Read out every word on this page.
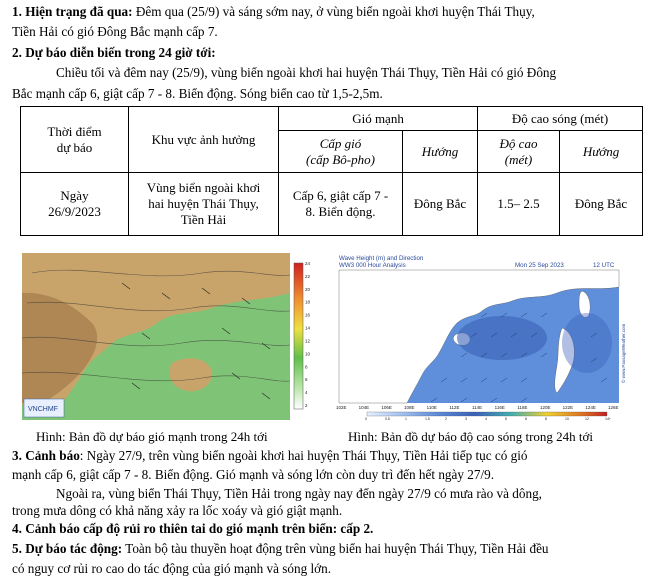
1. Hiện trạng đã qua: Đêm qua (25/9) và sáng sớm nay, ở vùng biển ngoài khơi huyện Thái Thụy,
Tiền Hải có gió Đông Bắc mạnh cấp 7.
2. Dự báo diễn biến trong 24 giờ tới:
Chiều tối và đêm nay (25/9), vùng biển ngoài khơi hai huyện Thái Thụy, Tiền Hải có gió Đông
Bắc mạnh cấp 6, giật cấp 7 - 8. Biển động. Sóng biển cao từ 1,5-2,5m.
Thời điểm
dự báo	Khu vực ảnh hưởng	Gió mạnh		Độ cao sóng (mét)	
		Cấp gió
(cấp Bô-pho)	Hướng	Độ cao
(mét)	Hướng
Ngày
26/9/2023	Vùng biển ngoài khơi
hai huyện Thái Thụy,
Tiền Hải	Cấp 6, giật cấp 7 -
8. Biển động.	Đông Bắc	1.5– 2.5	Đông Bắc
VNCHMF
2
4
6
8
10
12
14
16
18
20
22
24
Wave Height (m) and Direction
WW3 000 Hour Analysis	Mon 25 Sep 2023	12 UTC
© www.PassageWeather.com
102E	104E	106E	108E	110E	112E	114E	116E	118E	120E	122E	124E	126E
0	0.5	1	1.5	2	3	4	5	6	8	10	12	14+
Hình: Bản đồ dự báo gió mạnh trong 24h tới	Hình: Bản đồ dự báo độ cao sóng trong 24h tới
3. Cảnh báo: Ngày 27/9, trên vùng biển ngoài khơi hai huyện Thái Thụy, Tiền Hải tiếp tục có gió
mạnh cấp 6, giật cấp 7 - 8. Biển động. Gió mạnh và sóng lớn còn duy trì đến hết ngày 27/9.
Ngoài ra, vùng biển Thái Thụy, Tiền Hải trong ngày nay đến ngày 27/9 có mưa rào và dông,
trong mưa dông có khả năng xảy ra lốc xoáy và gió giật mạnh.
4. Cảnh báo cấp độ rủi ro thiên tai do gió mạnh trên biển: cấp 2.
5. Dự báo tác động: Toàn bộ tàu thuyền hoạt động trên vùng biển hai huyện Thái Thụy, Tiền Hải đều
có nguy cơ rủi ro cao do tác động của gió mạnh và sóng lớn.
